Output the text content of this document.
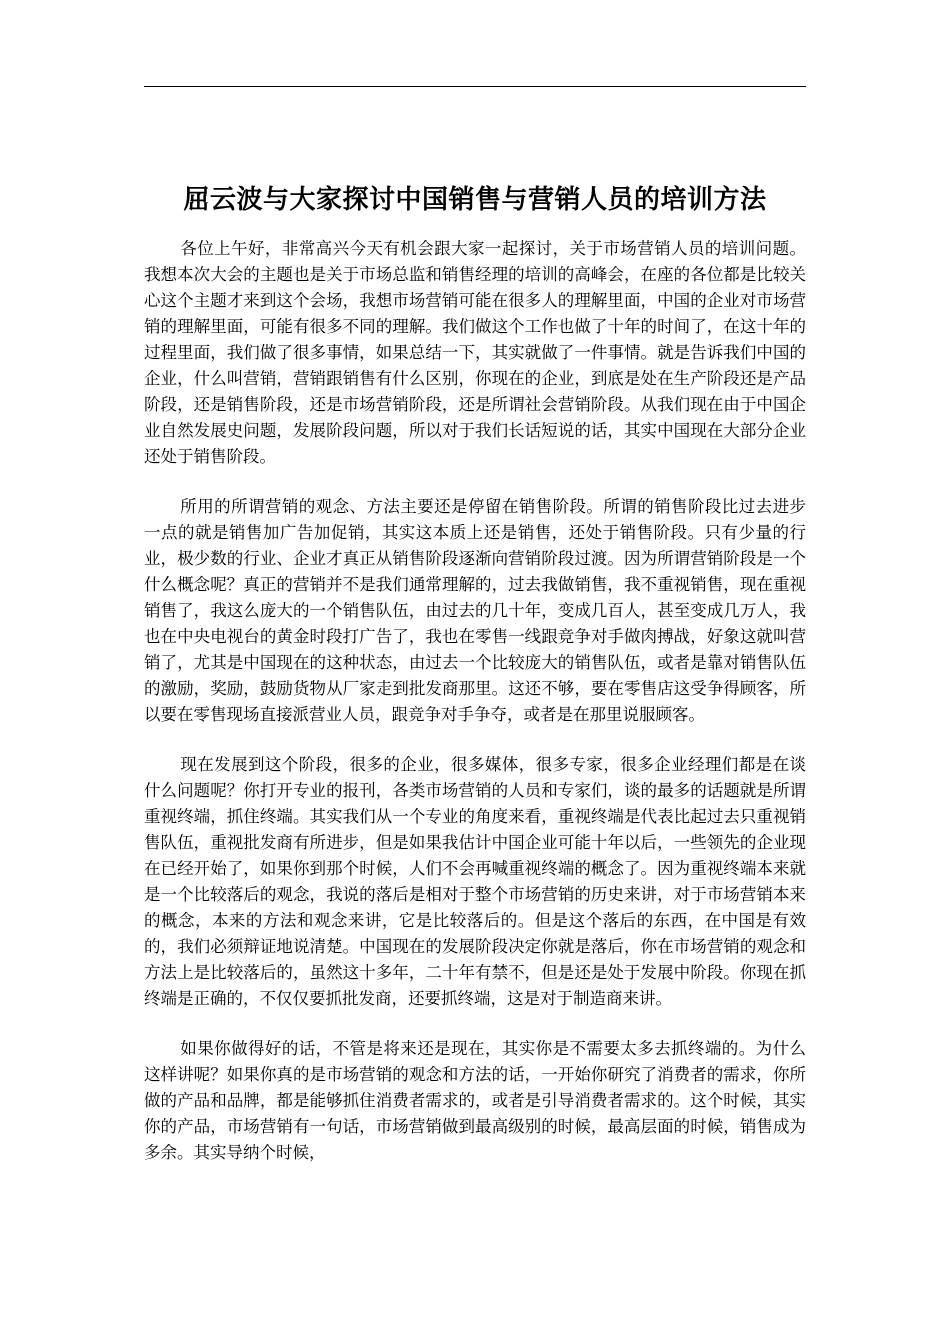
屈云波与大家探讨中国销售与营销人员的培训方法

各位上午好，非常高兴今天有机会跟大家一起探讨，关于市场营销人员的培训问题。我想本次大会的主题也是关于市场总监和销售经理的培训的高峰会，在座的各位都是比较关心这个主题才来到这个会场，我想市场营销可能在很多人的理解里面，中国的企业对市场营销的理解里面，可能有很多不同的理解。我们做这个工作也做了十年的时间了，在这十年的过程里面，我们做了很多事情，如果总结一下，其实就做了一件事情。就是告诉我们中国的企业，什么叫营销，营销跟销售有什么区别，你现在的企业，到底是处在生产阶段还是产品阶段，还是销售阶段，还是市场营销阶段，还是所谓社会营销阶段。从我们现在由于中国企业自然发展史问题，发展阶段问题，所以对于我们长话短说的话，其实中国现在大部分企业还处于销售阶段。

所用的所谓营销的观念、方法主要还是停留在销售阶段。所谓的销售阶段比过去进步一点的就是销售加广告加促销，其实这本质上还是销售，还处于销售阶段。只有少量的行业，极少数的行业、企业才真正从销售阶段逐渐向营销阶段过渡。因为所谓营销阶段是一个什么概念呢？真正的营销并不是我们通常理解的，过去我做销售，我不重视销售，现在重视销售了，我这么庞大的一个销售队伍，由过去的几十年，变成几百人，甚至变成几万人，我也在中央电视台的黄金时段打广告了，我也在零售一线跟竞争对手做肉搏战，好象这就叫营销了，尤其是中国现在的这种状态，由过去一个比较庞大的销售队伍，或者是靠对销售队伍的激励，奖励，鼓励货物从厂家走到批发商那里。这还不够，要在零售店这受争得顾客，所以要在零售现场直接派营业人员，跟竞争对手争夺，或者是在那里说服顾客。

现在发展到这个阶段，很多的企业，很多媒体，很多专家，很多企业经理们都是在谈什么问题呢？你打开专业的报刊，各类市场营销的人员和专家们，谈的最多的话题就是所谓重视终端，抓住终端。其实我们从一个专业的角度来看，重视终端是代表比起过去只重视销售队伍，重视批发商有所进步，但是如果我估计中国企业可能十年以后，一些领先的企业现在已经开始了，如果你到那个时候，人们不会再喊重视终端的概念了。因为重视终端本来就是一个比较落后的观念，我说的落后是相对于整个市场营销的历史来讲，对于市场营销本来的概念，本来的方法和观念来讲，它是比较落后的。但是这个落后的东西，在中国是有效的，我们必须辩证地说清楚。中国现在的发展阶段决定你就是落后，你在市场营销的观念和方法上是比较落后的，虽然这十多年，二十年有禁不，但是还是处于发展中阶段。你现在抓终端是正确的，不仅仅要抓批发商，还要抓终端，这是对于制造商来讲。

如果你做得好的话，不管是将来还是现在，其实你是不需要太多去抓终端的。为什么这样讲呢？如果你真的是市场营销的观念和方法的话，一开始你研究了消费者的需求，你所做的产品和品牌，都是能够抓住消费者需求的，或者是引导消费者需求的。这个时候，其实你的产品，市场营销有一句话，市场营销做到最高级别的时候，最高层面的时候，销售成为多余。其实导纳个时候，
